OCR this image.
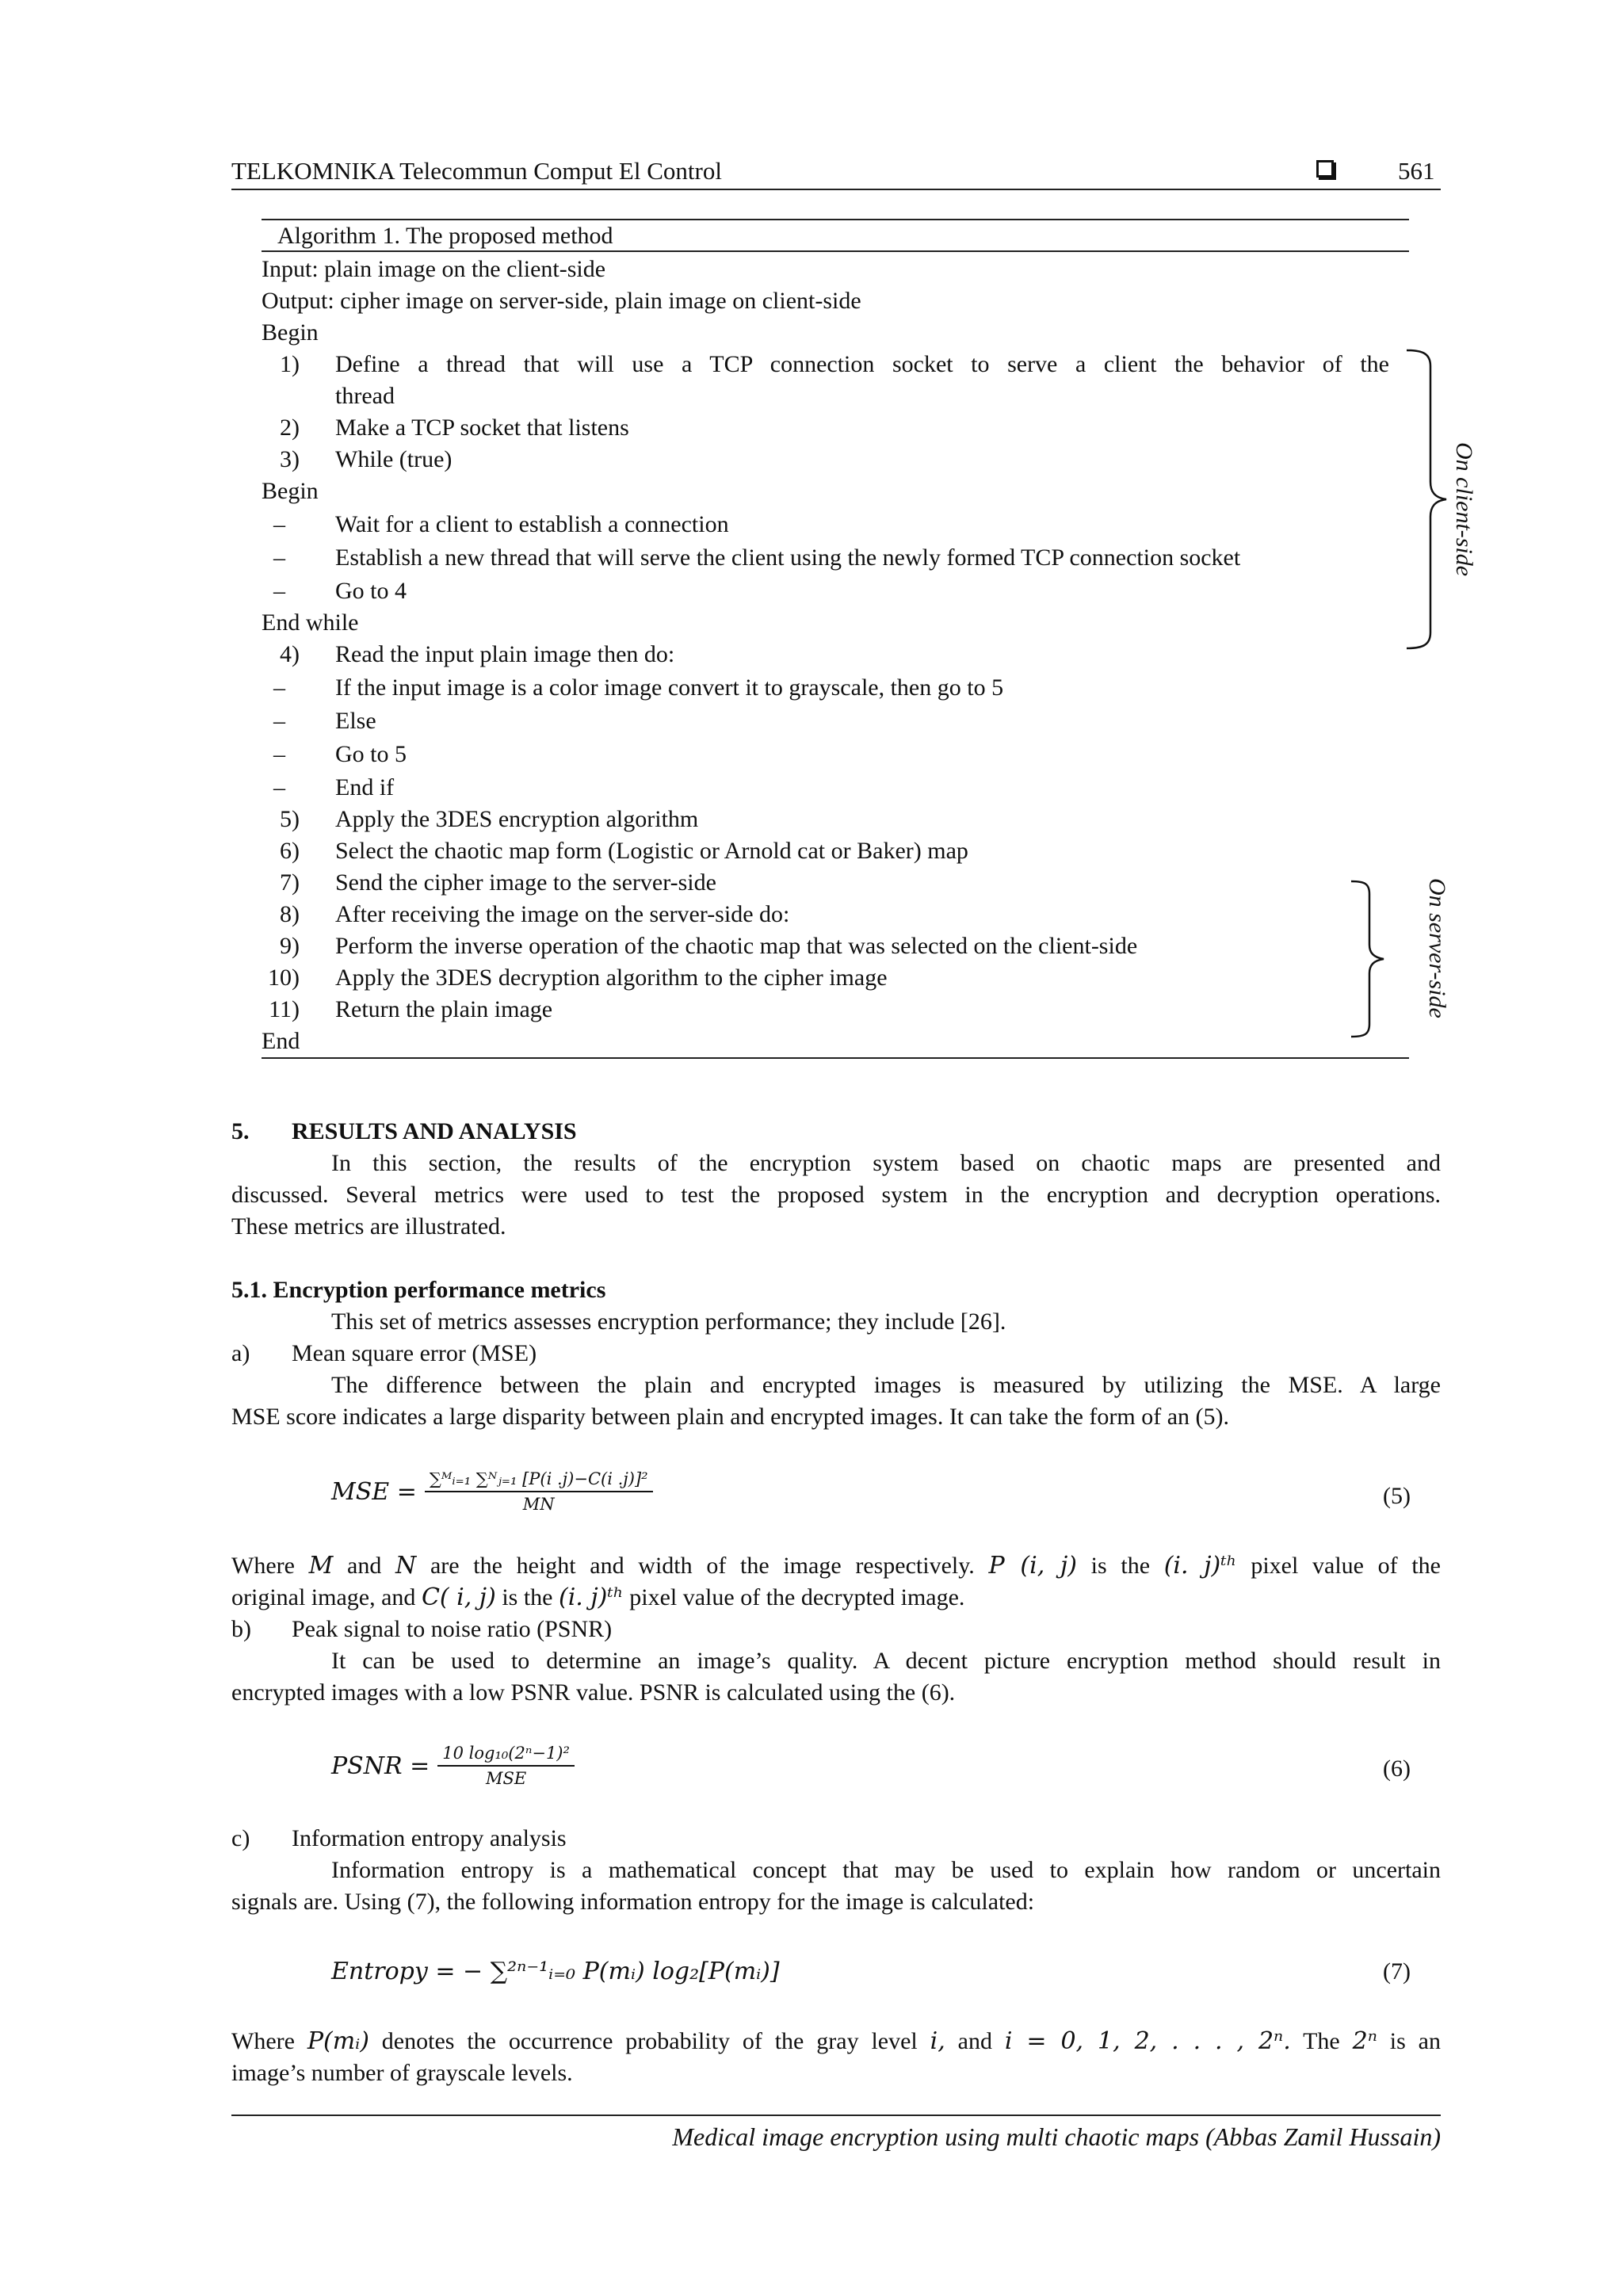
TELKOMNIKA Telecommun Comput El Control	561
Algorithm 1. The proposed method
Input: plain image on the client-side
Output: cipher image on server-side, plain image on client-side
Begin
1) Define a thread that will use a TCP connection socket to serve a client the behavior of the
thread
2) Make a TCP socket that listens
3) While (true)
Begin
– Wait for a client to establish a connection
– Establish a new thread that will serve the client using the newly formed TCP connection socket
– Go to 4
End while
4) Read the input plain image then do:
– If the input image is a color image convert it to grayscale, then go to 5
– Else
– Go to 5
– End if
5) Apply the 3DES encryption algorithm
6) Select the chaotic map form (Logistic or Arnold cat or Baker) map
7) Send the cipher image to the server-side
8) After receiving the image on the server-side do:
9) Perform the inverse operation of the chaotic map that was selected on the client-side
10) Apply the 3DES decryption algorithm to the cipher image
11) Return the plain image
End
On client-side
On server-side
5. RESULTS AND ANALYSIS
In this section, the results of the encryption system based on chaotic maps are presented and
discussed. Several metrics were used to test the proposed system in the encryption and decryption operations.
These metrics are illustrated.
5.1. Encryption performance metrics
This set of metrics assesses encryption performance; they include [26].
a) Mean square error (MSE)
The difference between the plain and encrypted images is measured by utilizing the MSE. A large
MSE score indicates a large disparity between plain and encrypted images. It can take the form of an (5).
MSE = $\frac{\text{∑ᴹᵢ₌₁ ∑ᴺⱼ₌₁ [P(i .j)−C(i .j)]²}}{MN}$	(5)
Where M and N are the height and width of the image respectively. P (i, j) is the (i. j)ᵗʰ pixel value of the
original image, and C( i, j) is the (i. j)ᵗʰ pixel value of the decrypted image.
b) Peak signal to noise ratio (PSNR)
It can be used to determine an image’s quality. A decent picture encryption method should result in
encrypted images with a low PSNR value. PSNR is calculated using the (6).
PSNR = $\frac{\text{10 log₁₀(2ⁿ−1)²}}{\text{MSE}}$	(6)
c) Information entropy analysis
Information entropy is a mathematical concept that may be used to explain how random or uncertain
signals are. Using (7), the following information entropy for the image is calculated:
Entropy = − ∑²ⁿ⁻¹ᵢ₌₀ P(mᵢ) log₂[P(mᵢ)]	(7)
Where P(mᵢ) denotes the occurrence probability of the gray level i, and i = 0, 1, 2, . . . , 2ⁿ. The 2ⁿ is an
image’s number of grayscale levels.
Medical image encryption using multi chaotic maps (Abbas Zamil Hussain)
